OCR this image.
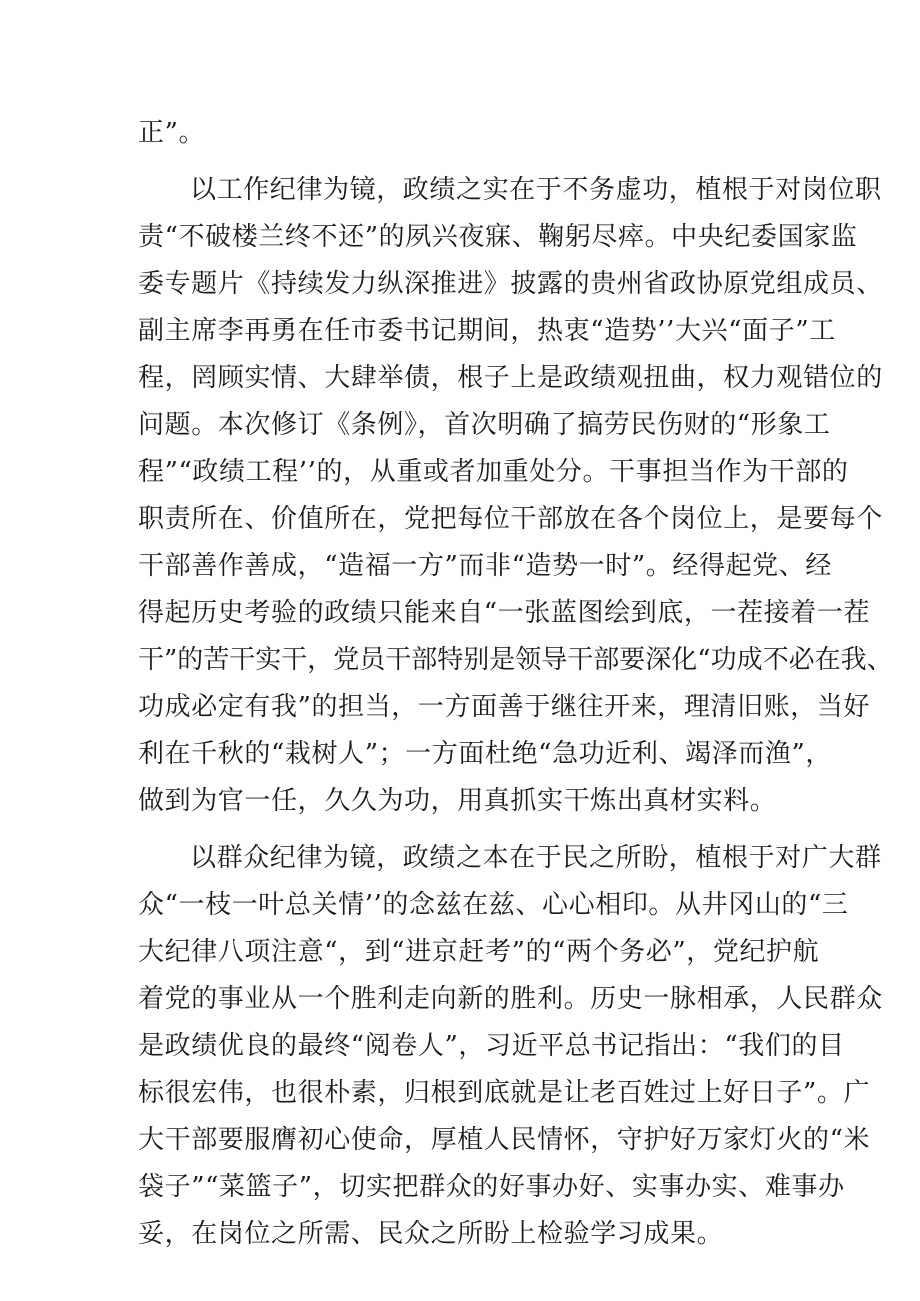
正”。
以工作纪律为镜，政绩之实在于不务虚功，植根于对岗位职
责“不破楼兰终不还”的夙兴夜寐、鞠躬尽瘁。中央纪委国家监
委专题片《持续发力纵深推进》披露的贵州省政协原党组成员、
副主席李再勇在任市委书记期间，热衷“造势’’大兴“面子”工
程，罔顾实情、大肆举债，根子上是政绩观扭曲，权力观错位的
问题。本次修订《条例》，首次明确了搞劳民伤财的“形象工
程”“政绩工程’’的，从重或者加重处分。干事担当作为干部的
职责所在、价值所在，党把每位干部放在各个岗位上，是要每个
干部善作善成，“造福一方”而非“造势一时”。经得起党、经
得起历史考验的政绩只能来自“一张蓝图绘到底，一茬接着一茬
干”的苦干实干，党员干部特别是领导干部要深化“功成不必在我、
功成必定有我”的担当，一方面善于继往开来，理清旧账，当好
利在千秋的“栽树人”；一方面杜绝“急功近利、竭泽而渔”，
做到为官一任，久久为功，用真抓实干炼出真材实料。
以群众纪律为镜，政绩之本在于民之所盼，植根于对广大群
众“一枝一叶总关情’’的念兹在兹、心心相印。从井冈山的“三
大纪律八项注意“，到“进京赶考”的“两个务必”，党纪护航
着党的事业从一个胜利走向新的胜利。历史一脉相承，人民群众
是政绩优良的最终“阅卷人”，习近平总书记指出：“我们的目
标很宏伟，也很朴素，归根到底就是让老百姓过上好日子”。广
大干部要服膺初心使命，厚植人民情怀，守护好万家灯火的“米
袋子”“菜篮子”，切实把群众的好事办好、实事办实、难事办
妥，在岗位之所需、民众之所盼上检验学习成果。
